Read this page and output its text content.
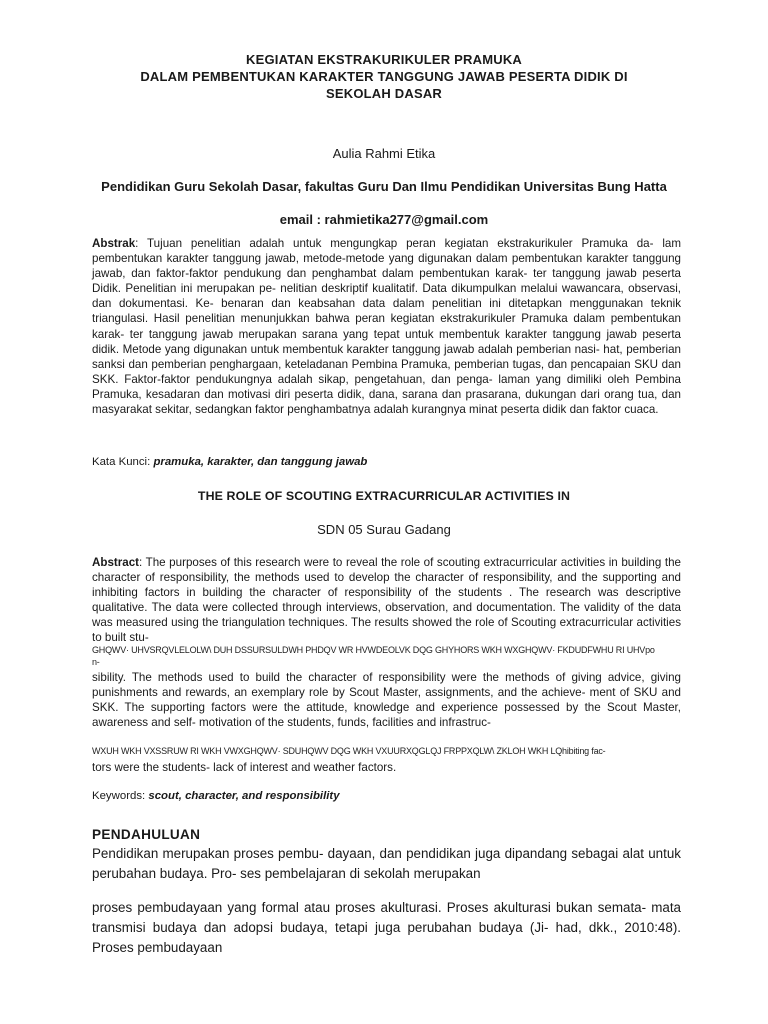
KEGIATAN EKSTRAKURIKULER PRAMUKA
DALAM PEMBENTUKAN KARAKTER TANGGUNG JAWAB PESERTA DIDIK DI
SEKOLAH DASAR
Aulia Rahmi Etika
Pendidikan Guru Sekolah Dasar, fakultas Guru Dan Ilmu Pendidikan Universitas Bung Hatta
email : rahmietika277@gmail.com
Abstrak: Tujuan penelitian adalah untuk mengungkap peran kegiatan ekstrakurikuler Pramuka da- lam pembentukan karakter tanggung jawab, metode-metode yang digunakan dalam pembentukan karakter tanggung jawab, dan faktor-faktor pendukung dan penghambat dalam pembentukan karak- ter tanggung jawab peserta Didik. Penelitian ini merupakan pe- nelitian deskriptif kualitatif. Data dikumpulkan melalui wawancara, observasi, dan dokumentasi. Ke- benaran dan keabsahan data dalam penelitian ini ditetapkan menggunakan teknik triangulasi. Hasil penelitian menunjukkan bahwa peran kegiatan ekstrakurikuler Pramuka dalam pembentukan karak- ter tanggung jawab merupakan sarana yang tepat untuk membentuk karakter tanggung jawab peserta didik. Metode yang digunakan untuk membentuk karakter tanggung jawab adalah pemberian nasi- hat, pemberian sanksi dan pemberian penghargaan, keteladanan Pembina Pramuka, pemberian tugas, dan pencapaian SKU dan SKK. Faktor-faktor pendukungnya adalah sikap, pengetahuan, dan penga- laman yang dimiliki oleh Pembina Pramuka, kesadaran dan motivasi diri peserta didik, dana, sarana dan prasarana, dukungan dari orang tua, dan masyarakat sekitar, sedangkan faktor penghambatnya adalah kurangnya minat peserta didik dan faktor cuaca.
Kata Kunci: pramuka, karakter, dan tanggung jawab
THE ROLE OF SCOUTING EXTRACURRICULAR ACTIVITIES IN
SDN 05 Surau Gadang
Abstract: The purposes of this research were to reveal the role of scouting extracurricular activities in building the character of responsibility, the methods used to develop the character of responsibility, and the supporting and inhibiting factors in building the character of responsibility of the students . The research was descriptive qualitative. The data were collected through interviews, observation, and documentation. The validity of the data was measured using the triangulation techniques. The results showed the role of Scouting extracurricular activities to built stu-
GHQWV· UHVSRQVLELOLW\ DUH DSSURSULDWH PHDQV WR HVWDEOLVK DQG GHYHORS WKH WXGHQWV· FKDUDFWHU RI UHVpo
n-
sibility. The methods used to build the character of responsibility were the methods of giving advice, giving punishments and rewards, an exemplary role by Scout Master, assignments, and the achieve- ment of SKU and SKK. The supporting factors were the attitude, knowledge and experience possessed by the Scout Master, awareness and self- motivation of the students, funds, facilities and infrastruc-
WXUH WKH VXSSRUW RI WKH VWXGHQWV· SDUHQWV DQG WKH VXUURXQGLQJ FRPPXQLW\ ZKLOH WKH LQhibiting fac-
tors were the students- lack of interest and weather factors.
Keywords: scout, character, and responsibility
PENDAHULUAN
Pendidikan merupakan proses pembu- dayaan, dan pendidikan juga dipandang sebagai alat untuk perubahan budaya. Pro- ses pembelajaran di sekolah merupakan
proses pembudayaan yang formal atau proses akulturasi. Proses akulturasi bukan semata- mata transmisi budaya dan adopsi budaya, tetapi juga perubahan budaya (Ji- had, dkk., 2010:48). Proses pembudayaan
